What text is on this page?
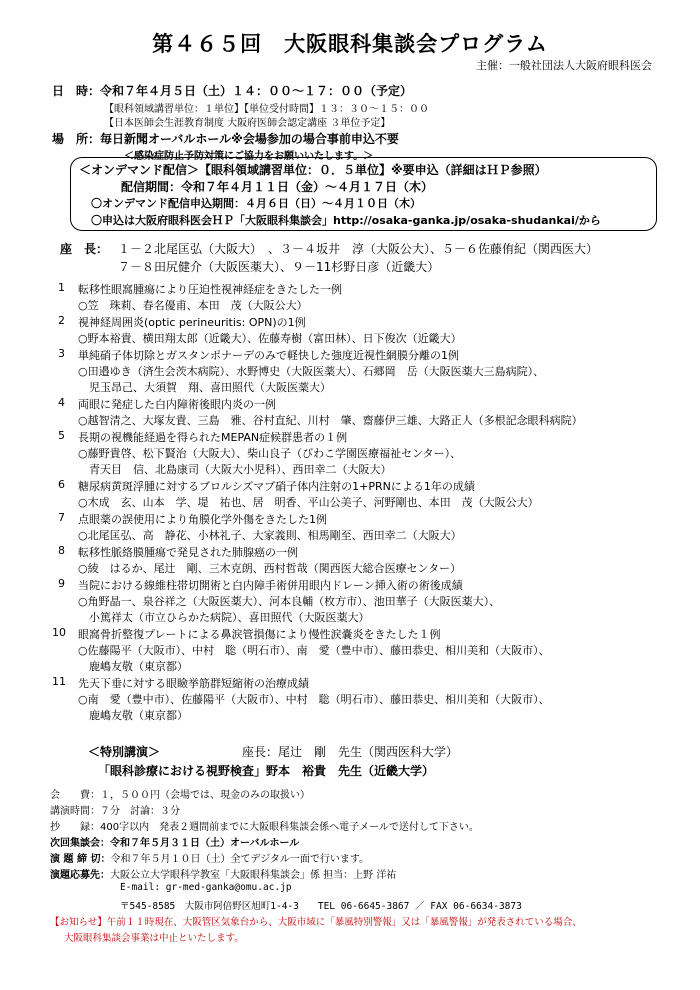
第４６５回　大阪眼科集談会プログラム
主催：一般社団法人大阪府眼科医会
日　時：令和７年４月５日（土）１４：００～１７：００（予定）
【眼科領域講習単位：１単位】【単位受付時間】１３：３０～１５：００
【日本医師会生涯教育制度 大阪府医師会認定講座 ３単位予定】
場　所：毎日新聞オーバルホール※会場参加の場合事前申込不要
＜感染症防止予防対策にご協力をお願いいたします。＞
＜オンデマンド配信＞【眼科領域講習単位：０．５単位】※要申込（詳細はＨＰ参照）
配信期間：令和７年４月１１日（金）～４月１７日（木）
〇オンデマンド配信申込期間：４月６日（日）～４月１０日（木）
〇申込は大阪府眼科医会ＨＰ「大阪眼科集談会」http://osaka-ganka.jp/osaka-shudankai/から
座　長： １－２北尾匡弘（大阪大）　、３－４坂井　淳（大阪公大）、５－６佐藤侑紀（関西医大）
７－８田尻健介（大阪医薬大）、９－11杉野日彦（近畿大）
1 転移性眼窩腫瘍により圧迫性視神経症をきたした一例
○笠　珠莉、春名優甫、本田　茂（大阪公大）
2 視神経周囲炎(optic perineuritis: OPN)の1例
○野本裕貴、横田翔太郎（近畿大）、佐藤寿樹（富田林）、日下俊次（近畿大）
3 単純硝子体切除とガスタンポナーデのみで軽快した強度近視性網膜分離の1例
○田邉ゆき（済生会茨木病院）、水野博史（大阪医薬大）、石郷岡　岳（大阪医薬大三島病院）、
　児玉昂己、大須賀　翔、喜田照代（大阪医薬大）
4 両眼に発症した白内障術後眼内炎の一例
○越智清之、大塚友貴、三島　雅、谷村直紀、川村　肇、齋藤伊三雄、大路正人（多根記念眼科病院）
5 長期の視機能経過を得られたMEPAN症候群患者の１例
○藤野貴啓、松下賢治（大阪大）、柴山良子（びわこ学園医療福祉センター）、
　青天目　信、北島康司（大阪大小児科）、西田幸二（大阪大）
6 糖尿病黄斑浮腫に対するブロルシズマブ硝子体内注射の1+PRNによる1年の成績
○木成　玄、山本　学、堤　祐也、居　明香、平山公美子、河野剛也、本田　茂（大阪公大）
7 点眼薬の誤使用により角膜化学外傷をきたした1例
○北尾匡弘、高　静花、小林礼子、大家義則、相馬剛至、西田幸二（大阪大）
8 転移性脈絡膜腫瘍で発見された肺腺癌の一例
○綾　はるか、尾辻　剛、三木克朗、西村哲哉（関西医大総合医療センター）
9 当院における線維柱帯切開術と白内障手術併用眼内ドレーン挿入術の術後成績
○角野晶一、泉谷祥之（大阪医薬大）、河本良輔（枚方市）、池田華子（大阪医薬大）、
　小篤祥太（市立ひらかた病院）、喜田照代（大阪医薬大）
10 眼窩骨折整復プレートによる鼻涙管損傷により慢性涙嚢炎をきたした１例
○佐藤陽平（大阪市）、中村　聡（明石市）、南　愛（豊中市）、藤田恭史、相川美和（大阪市）、
　鹿嶋友敬（東京都）
11 先天下垂に対する眼瞼挙筋群短縮術の治療成績
○南　愛（豊中市）、佐藤陽平（大阪市）、中村　聡（明石市）、藤田恭史、相川美和（大阪市）、
　鹿嶋友敬（東京都）
＜特別講演＞	座長：尾辻　剛　先生（関西医科大学）
「眼科診療における視野検査」野本　裕貴　先生（近畿大学）
会　　費：１，５００円（会場では、現金のみの取扱い）
講演時間：７分　討論：３分
抄　　録：400字以内　発表２週間前までに大阪眼科集談会係へ電子メールで送付して下さい。
次回集談会：令和７年５月３１日（土）オーバルホール
演 題 締 切：令和７年５月１０日（土）全てデジタル一面で行います。
演題応募先：大阪公立大学眼科学教室「大阪眼科集談会」係 担当：上野 洋祐
E-mail: gr-med-ganka@omu.ac.jp
〒545-8585　大阪市阿倍野区旭町1-4-3　　TEL 06-6645-3867 ／ FAX 06-6634-3873
【お知らせ】午前１１時現在、大阪管区気象台から、大阪市域に「暴風特別警報」又は「暴風警報」が発表されている場合、
大阪眼科集談会事業は中止といたします。
